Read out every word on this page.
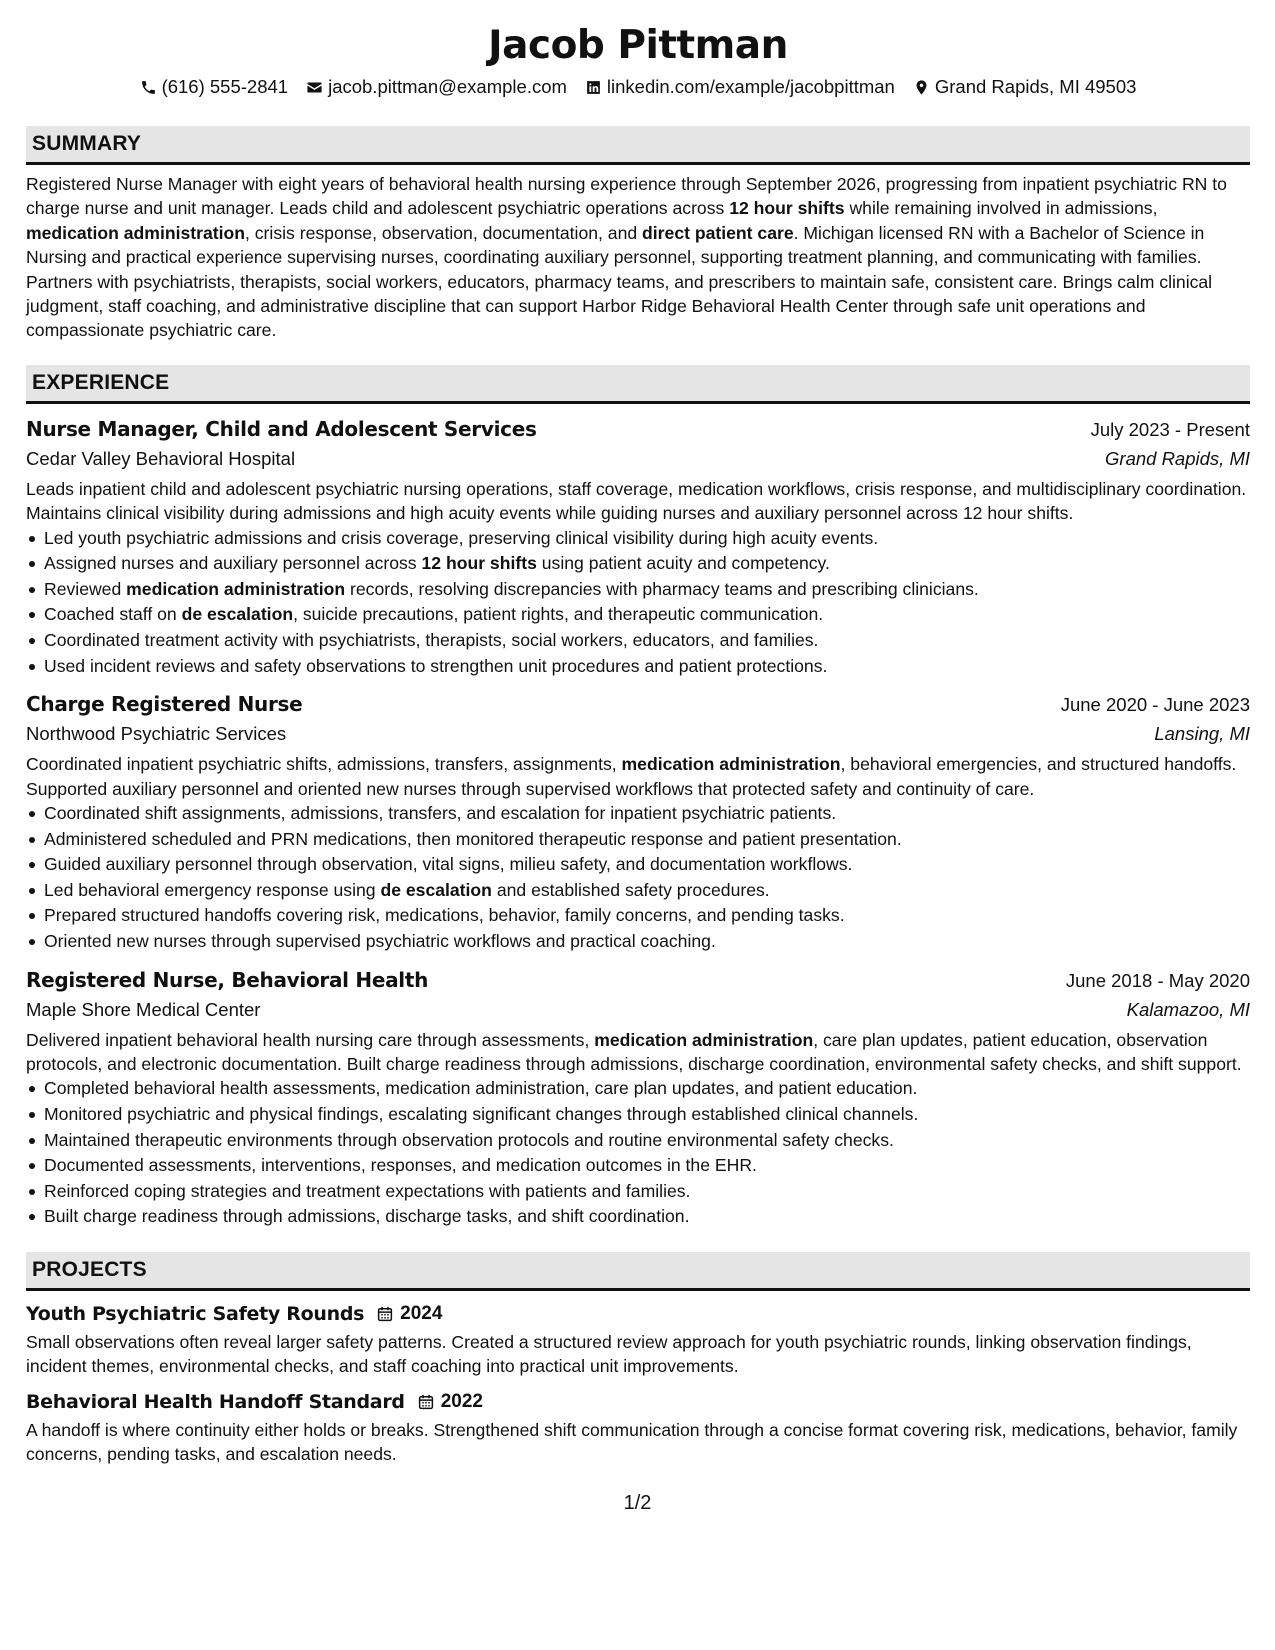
Jacob Pittman
(616) 555-2841 jacob.pittman@example.com linkedin.com/example/jacobpittman Grand Rapids, MI 49503
SUMMARY

Registered Nurse Manager with eight years of behavioral health nursing experience through September 2026, progressing from inpatient psychiatric RN to charge nurse and unit manager. Leads child and adolescent psychiatric operations across 12 hour shifts while remaining involved in admissions, medication administration, crisis response, observation, documentation, and direct patient care. Michigan licensed RN with a Bachelor of Science in Nursing and practical experience supervising nurses, coordinating auxiliary personnel, supporting treatment planning, and communicating with families. Partners with psychiatrists, therapists, social workers, educators, pharmacy teams, and prescribers to maintain safe, consistent care. Brings calm clinical judgment, staff coaching, and administrative discipline that can support Harbor Ridge Behavioral Health Center through safe unit operations and compassionate psychiatric care.

EXPERIENCE
Nurse Manager, Child and Adolescent Services	July 2023 - Present
Cedar Valley Behavioral Hospital	Grand Rapids, MI

Leads inpatient child and adolescent psychiatric nursing operations, staff coverage, medication workflows, crisis response, and multidisciplinary coordination. Maintains clinical visibility during admissions and high acuity events while guiding nurses and auxiliary personnel across 12 hour shifts.

Led youth psychiatric admissions and crisis coverage, preserving clinical visibility during high acuity events.
Assigned nurses and auxiliary personnel across 12 hour shifts using patient acuity and competency.
Reviewed medication administration records, resolving discrepancies with pharmacy teams and prescribing clinicians.
Coached staff on de escalation, suicide precautions, patient rights, and therapeutic communication.
Coordinated treatment activity with psychiatrists, therapists, social workers, educators, and families.
Used incident reviews and safety observations to strengthen unit procedures and patient protections.
Charge Registered Nurse	June 2020 - June 2023
Northwood Psychiatric Services	Lansing, MI

Coordinated inpatient psychiatric shifts, admissions, transfers, assignments, medication administration, behavioral emergencies, and structured handoffs. Supported auxiliary personnel and oriented new nurses through supervised workflows that protected safety and continuity of care.

Coordinated shift assignments, admissions, transfers, and escalation for inpatient psychiatric patients.
Administered scheduled and PRN medications, then monitored therapeutic response and patient presentation.
Guided auxiliary personnel through observation, vital signs, milieu safety, and documentation workflows.
Led behavioral emergency response using de escalation and established safety procedures.
Prepared structured handoffs covering risk, medications, behavior, family concerns, and pending tasks.
Oriented new nurses through supervised psychiatric workflows and practical coaching.
Registered Nurse, Behavioral Health	June 2018 - May 2020
Maple Shore Medical Center	Kalamazoo, MI

Delivered inpatient behavioral health nursing care through assessments, medication administration, care plan updates, patient education, observation protocols, and electronic documentation. Built charge readiness through admissions, discharge coordination, environmental safety checks, and shift support.

Completed behavioral health assessments, medication administration, care plan updates, and patient education.
Monitored psychiatric and physical findings, escalating significant changes through established clinical channels.
Maintained therapeutic environments through observation protocols and routine environmental safety checks.
Documented assessments, interventions, responses, and medication outcomes in the EHR.
Reinforced coping strategies and treatment expectations with patients and families.
Built charge readiness through admissions, discharge tasks, and shift coordination.
PROJECTS
Youth Psychiatric Safety Rounds 2024

Small observations often reveal larger safety patterns. Created a structured review approach for youth psychiatric rounds, linking observation findings, incident themes, environmental checks, and staff coaching into practical unit improvements.

Behavioral Health Handoff Standard 2022

A handoff is where continuity either holds or breaks. Strengthened shift communication through a concise format covering risk, medications, behavior, family concerns, pending tasks, and escalation needs.

1/2
